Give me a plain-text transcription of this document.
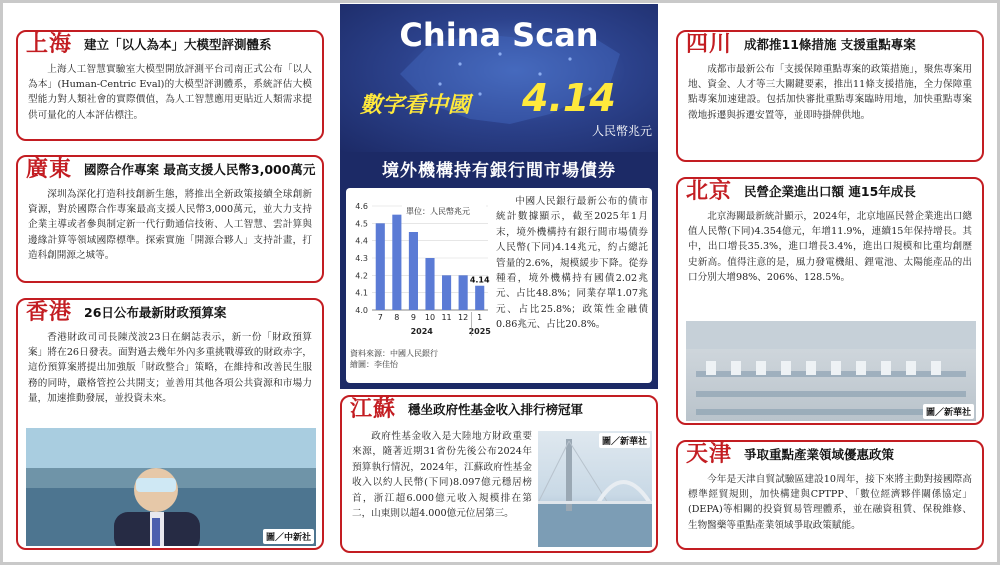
上海 建立「以人為本」大模型評測體系
上海人工智慧實驗室大模型開放評測平台司南正式公布「以人為本」(Human-Centric Eval)的大模型評測體系，系統評估大模型能力對人類社會的實際價值，為人工智慧應用更貼近人類需求提供可量化的人本評估標注。
廣東 國際合作專案 最高支援人民幣3,000萬元
深圳為深化打造科技創新生態，將推出全新政策接續全球創新資源，對於國際合作專案最高支援人民幣3,000萬元，並大力支持企業主導或者參與制定新一代行動通信技術、人工智慧、雲計算與邊緣計算等領域國際標準。探索實施「開源合夥人」支持計畫，打造科創開源之城等。
香港 26日公布最新財政預算案
香港財政司司長陳茂波23日在網誌表示，新一份「財政預算案」將在26日發表。面對過去幾年外內多重挑戰導致的財政赤字，這份預算案將提出加強版「財政整合」策略，在維持和改善民生服務的同時，嚴格管控公共開支；並善用其他各項公共資源和市場力量，加速推動發展，並投資未來。
圖／中新社
China Scan
數字看中國 4.14
人民幣兆元
境外機構持有銀行間市場債券
4.0
4.1
4.2
4.3
4.4
4.5
4.6
單位：人民幣兆元
7 8 9 10 11 12 1
4.14
2024	2025
資料來源：中國人民銀行
繪圖：李佳怡
中國人民銀行最新公布的債市統計數據顯示，截至2025年1月末，境外機構持有銀行間市場債券人民幣(下同)4.14兆元，約占總託管量的2.6%，規模緩步下降。從券種看，境外機構持有國債2.02兆元、占比48.8%；同業存單1.07兆元、占比25.8%；政策性金融債0.86兆元、占比20.8%。
江蘇 穩坐政府性基金收入排行榜冠軍
政府性基金收入是大陸地方財政重要來源，隨著近期31省份先後公布2024年預算執行情況，2024年，江蘇政府性基金收入以約人民幣(下同)8.097億元穩居榜首，浙江超6.000億元收入規模排在第二，山東則以超4.000億元位居第三。
圖／新華社
四川 成都推11條措施 支援重點專案
成都市最新公布「支援保障重點專案的政策措施」，聚焦專案用地、資金、人才等三大關鍵要素，推出11條支援措施，全力保障重點專案加速建設。包括加快審批重點專案臨時用地，加快重點專案徵地拆遷與拆遷安置等，並即時掛牌供地。
北京 民營企業進出口額 連15年成長
北京海關最新統計顯示，2024年，北京地區民營企業進出口總值人民幣(下同)4.354億元，年增11.9%，連續15年保持增長。其中，出口增長35.3%，進口增長3.4%，進出口規模和比重均創歷史新高。值得注意的是，風力發電機組、鋰電池、太陽能產品的出口分別大增98%、206%、128.5%。
圖／新華社
天津 爭取重點產業領域優惠政策
今年是天津自貿試驗區建設10周年，接下來將主動對接國際高標準經貿規則，加快構建與CPTPP、「數位經濟夥伴關係協定」(DEPA)等相關的投資貿易管理體系，並在融資租賃、保稅維修、生物醫藥等重點產業領域爭取政策賦能。
